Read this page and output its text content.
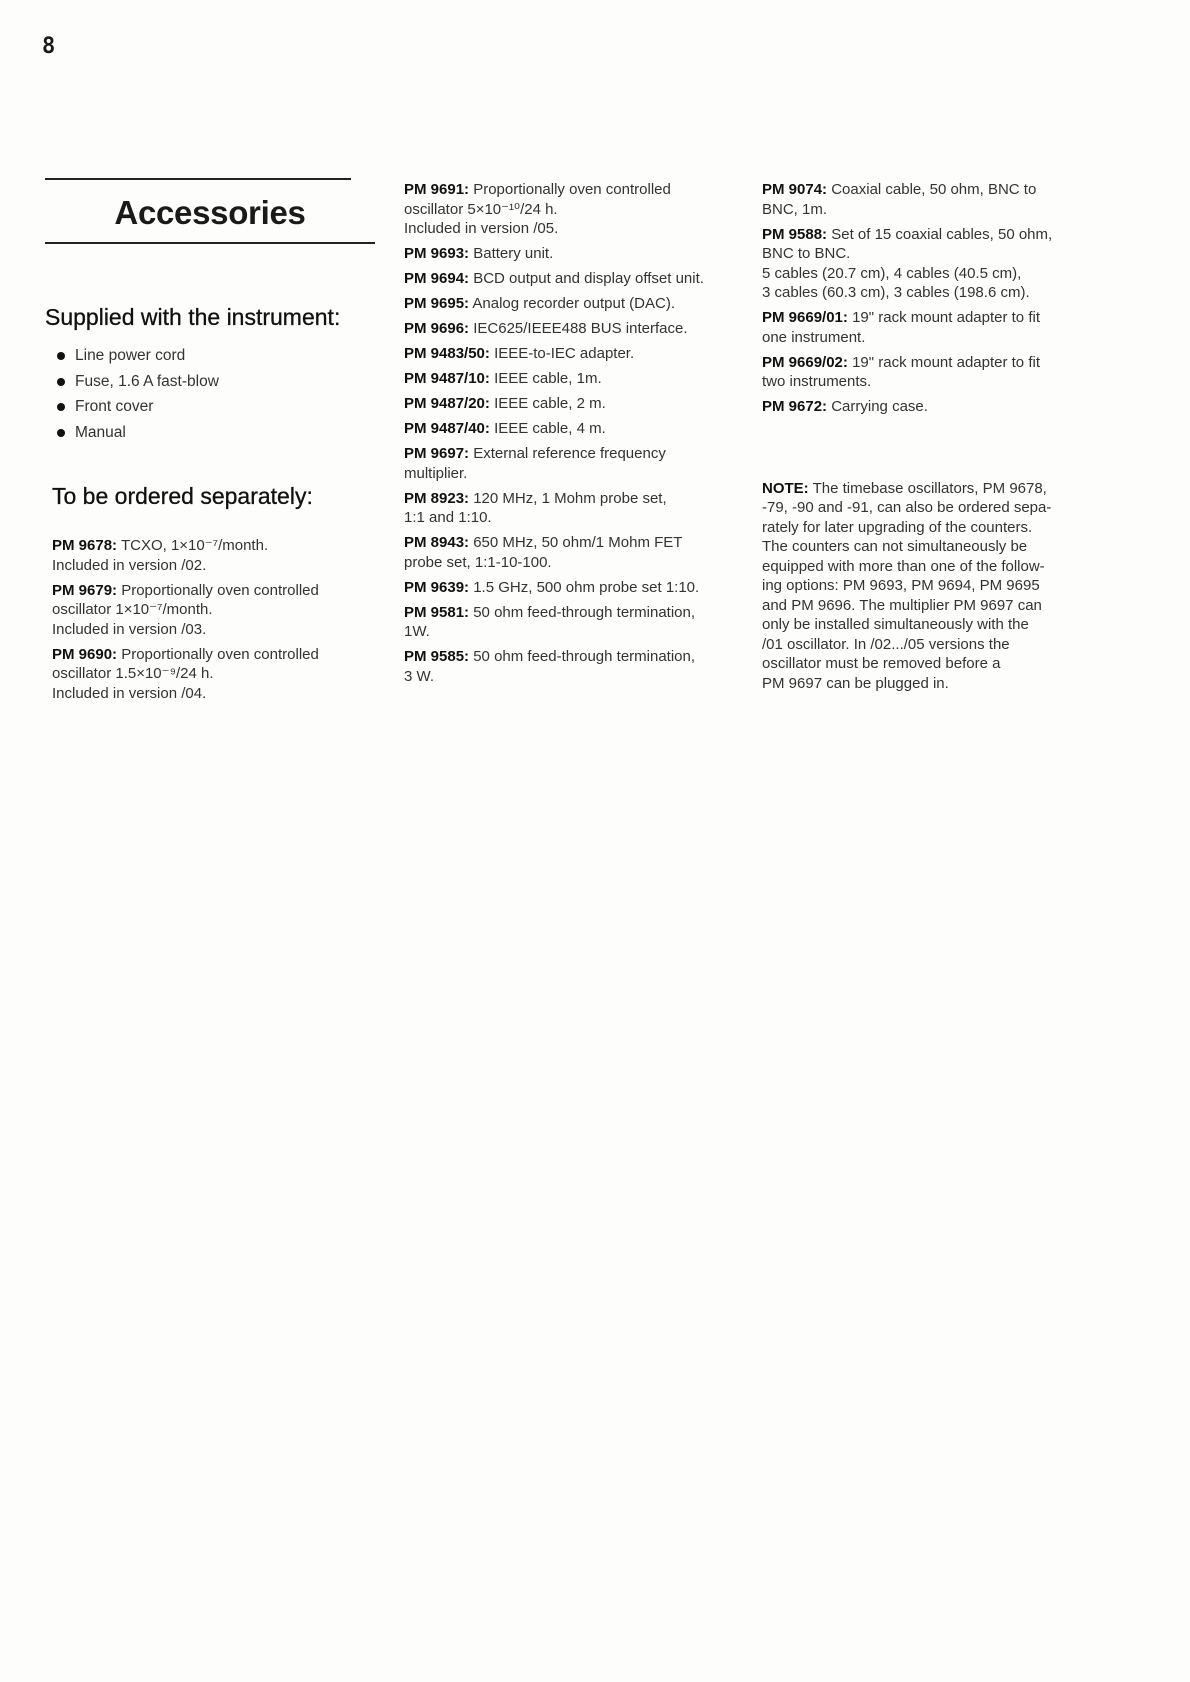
8
Accessories
Supplied with the instrument:
Line power cord
Fuse, 1.6 A fast-blow
Front cover
Manual
To be ordered separately:
PM 9678: TCXO, 1×10⁻⁷/month.
Included in version /02.
PM 9679: Proportionally oven controlled
oscillator 1×10⁻⁷/month.
Included in version /03.
PM 9690: Proportionally oven controlled
oscillator 1.5×10⁻⁹/24 h.
Included in version /04.
PM 9691: Proportionally oven controlled
oscillator 5×10⁻¹⁰/24 h.
Included in version /05.
PM 9693: Battery unit.
PM 9694: BCD output and display offset unit.
PM 9695: Analog recorder output (DAC).
PM 9696: IEC625/IEEE488 BUS interface.
PM 9483/50: IEEE-to-IEC adapter.
PM 9487/10: IEEE cable, 1m.
PM 9487/20: IEEE cable, 2 m.
PM 9487/40: IEEE cable, 4 m.
PM 9697: External reference frequency
multiplier.
PM 8923: 120 MHz, 1 Mohm probe set,
1:1 and 1:10.
PM 8943: 650 MHz, 50 ohm/1 Mohm FET
probe set, 1:1-10-100.
PM 9639: 1.5 GHz, 500 ohm probe set 1:10.
PM 9581: 50 ohm feed-through termination,
1W.
PM 9585: 50 ohm feed-through termination,
3 W.
PM 9074: Coaxial cable, 50 ohm, BNC to
BNC, 1m.
PM 9588: Set of 15 coaxial cables, 50 ohm,
BNC to BNC.
5 cables (20.7 cm), 4 cables (40.5 cm),
3 cables (60.3 cm), 3 cables (198.6 cm).
PM 9669/01: 19" rack mount adapter to fit
one instrument.
PM 9669/02: 19" rack mount adapter to fit
two instruments.
PM 9672: Carrying case.
NOTE: The timebase oscillators, PM 9678,
-79, -90 and -91, can also be ordered sepa-
rately for later upgrading of the counters.
The counters can not simultaneously be
equipped with more than one of the follow-
ing options: PM 9693, PM 9694, PM 9695
and PM 9696. The multiplier PM 9697 can
only be installed simultaneously with the
/01 oscillator. In /02.../05 versions the
oscillator must be removed before a
PM 9697 can be plugged in.
